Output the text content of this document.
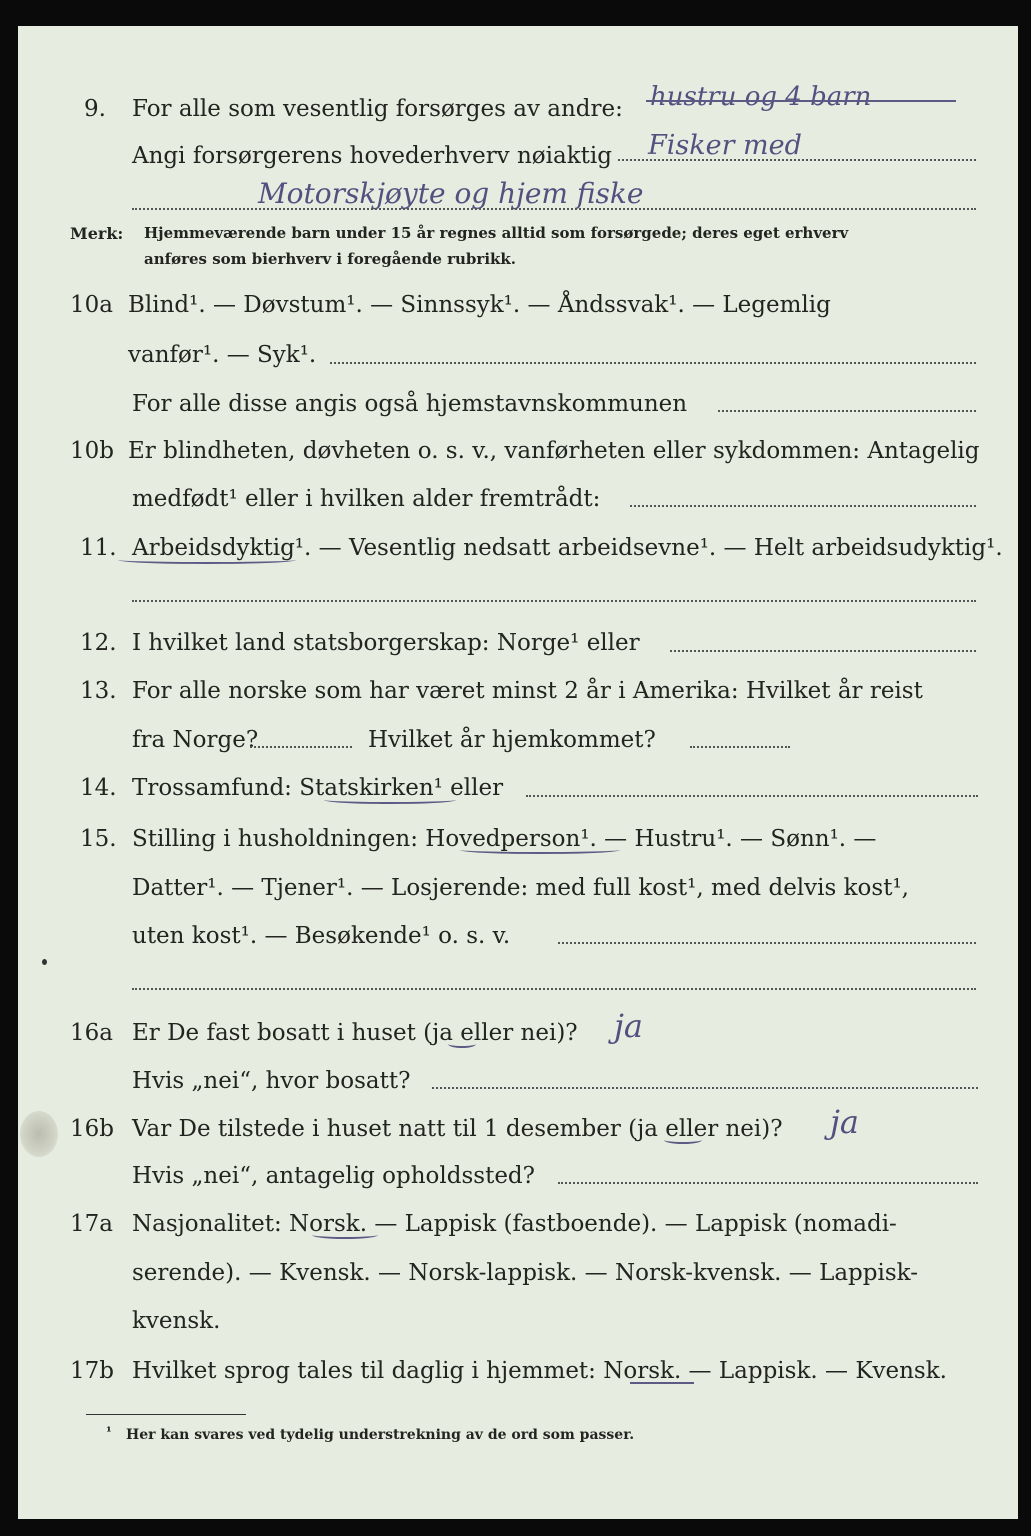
9. For alle som vesentlig forsørges av andre: hustru og 4 barn
Angi forsørgerens hovederhverv nøiaktig Fisker med
Motorskjøyte og hjem fiske
Merk: Hjemmeværende barn under 15 år regnes alltid som forsørgede; deres eget erhverv
anføres som bierhverv i foregående rubrikk.
10a Blind¹. — Døvstum¹. — Sinnssyk¹. — Åndssvak¹. — Legemlig
vanfør¹. — Syk¹.
For alle disse angis også hjemstavnskommunen
10b Er blindheten, døvheten o. s. v., vanførheten eller sykdommen: Antagelig
medfødt¹ eller i hvilken alder fremtrådt:
11. Arbeidsdyktig¹. — Vesentlig nedsatt arbeidsevne¹. — Helt arbeidsudyktig¹.
12. I hvilket land statsborgerskap: Norge¹ eller
13. For alle norske som har været minst 2 år i Amerika: Hvilket år reist
fra Norge?	Hvilket år hjemkommet?
14. Trossamfund: Statskirken¹ eller
15. Stilling i husholdningen: Hovedperson¹. — Hustru¹. — Sønn¹. —
Datter¹. — Tjener¹. — Losjerende: med full kost¹, med delvis kost¹,
uten kost¹. — Besøkende¹ o. s. v.
16a Er De fast bosatt i huset (ja eller nei)? ja
Hvis „nei“, hvor bosatt?
16b Var De tilstede i huset natt til 1 desember (ja eller nei)? ja
Hvis „nei“, antagelig opholdssted?
17a Nasjonalitet: Norsk. — Lappisk (fastboende). — Lappisk (nomadi-
serende). — Kvensk. — Norsk-lappisk. — Norsk-kvensk. — Lappisk-
kvensk.
17b Hvilket sprog tales til daglig i hjemmet: Norsk. — Lappisk. — Kvensk.
¹ Her kan svares ved tydelig understrekning av de ord som passer.
